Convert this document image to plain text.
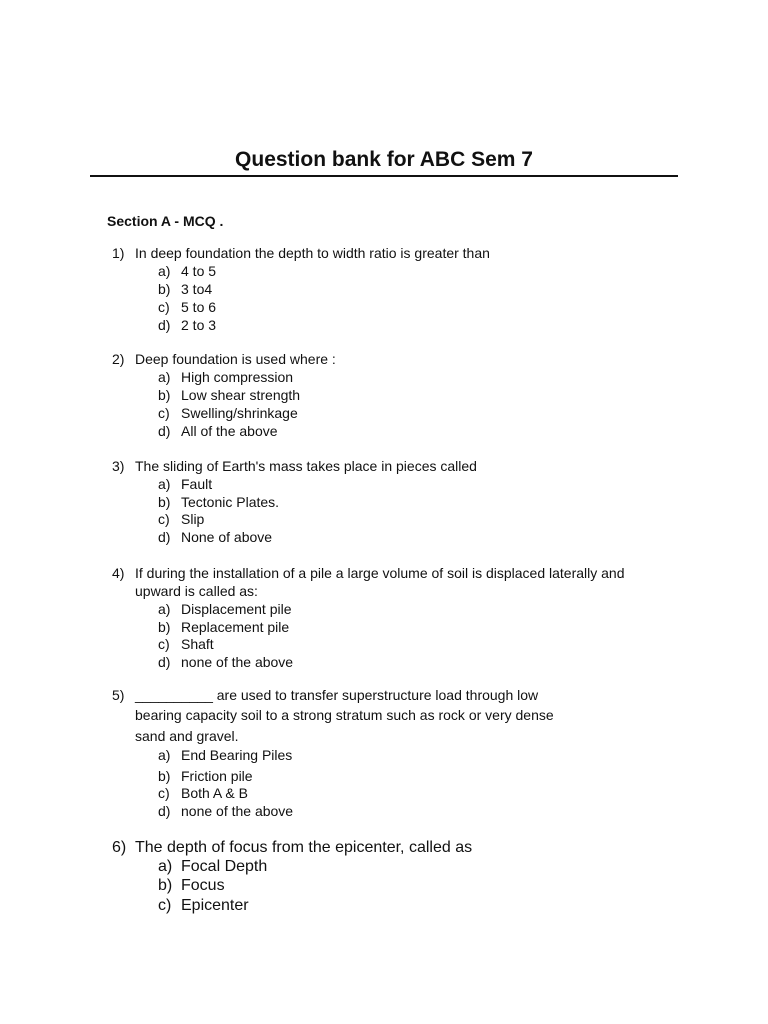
Question bank for ABC Sem 7
Section A - MCQ .
1) In deep foundation the depth to width ratio is greater than
a) 4 to 5
b) 3 to4
c) 5 to 6
d) 2 to 3
2) Deep foundation is used where :
a) High compression
b) Low shear strength
c) Swelling/shrinkage
d) All of the above
3) The sliding of Earth's mass takes place in pieces called
a) Fault
b) Tectonic Plates.
c) Slip
d) None of above
4) If during the installation of a pile a large volume of soil is displaced laterally and
upward is called as:
a) Displacement pile
b) Replacement pile
c) Shaft
d) none of the above
5) __________ are used to transfer superstructure load through low
bearing capacity soil to a strong stratum such as rock or very dense
sand and gravel.
a) End Bearing Piles
b) Friction pile
c) Both A & B
d) none of the above
6) The depth of focus from the epicenter, called as
a) Focal Depth
b) Focus
c) Epicenter
